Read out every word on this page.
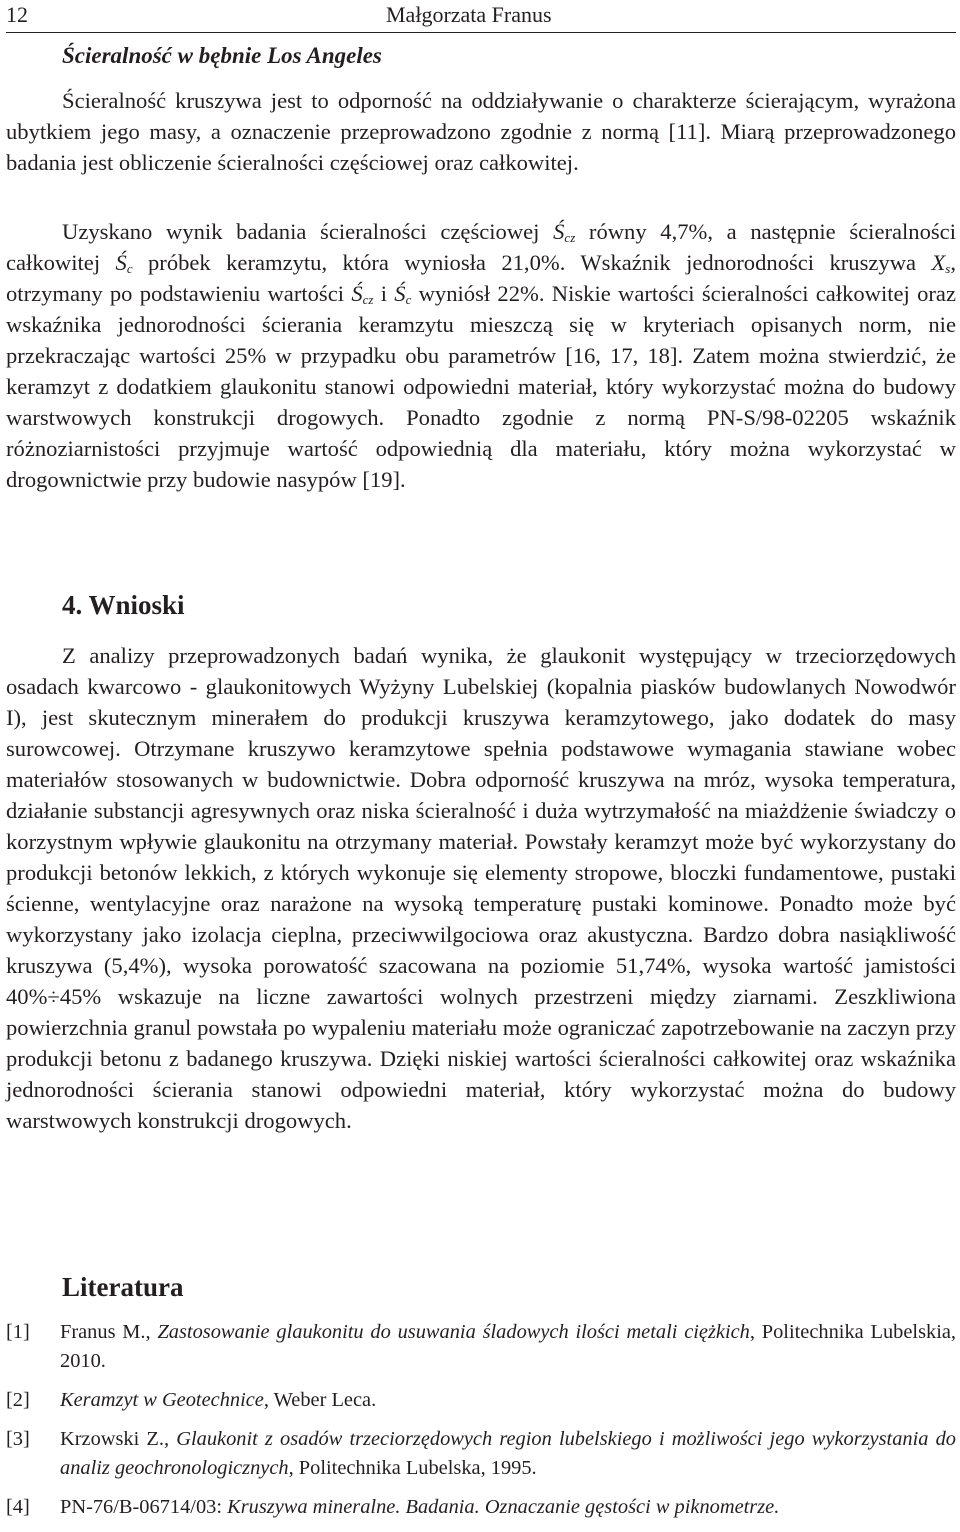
12	Małgorzata Franus
Ścieralność w bębnie Los Angeles

Ścieralność kruszywa jest to odporność na oddziaływanie o charakterze ścierającym, wyrażona ubytkiem jego masy, a oznaczenie przeprowadzono zgodnie z normą [11]. Miarą przeprowadzonego badania jest obliczenie ścieralności częściowej oraz całkowitej.

Uzyskano wynik badania ścieralności częściowej $Ś_{cz}$ równy 4,7%, a następnie ścieralności całkowitej $Ś_c$ próbek keramzytu, która wyniosła 21,0%. Wskaźnik jednorodności kruszywa $X_s$, otrzymany po podstawieniu wartości $Ś_{cz}$ i $Ś_c$ wyniósł 22%. Niskie wartości ścieralności całkowitej oraz wskaźnika jednorodności ścierania keramzytu mieszczą się w kryteriach opisanych norm, nie przekraczając wartości 25% w przypadku obu parametrów [16, 17, 18]. Zatem można stwierdzić, że keramzyt z dodatkiem glaukonitu stanowi odpowiedni materiał, który wykorzystać można do budowy warstwowych konstrukcji drogowych. Ponadto zgodnie z normą PN-S/98-02205 wskaźnik różnoziarnistości przyjmuje wartość odpowiednią dla materiału, który można wykorzystać w drogownictwie przy budowie nasypów [19].

4. Wnioski

Z analizy przeprowadzonych badań wynika, że glaukonit występujący w trzeciorzędowych osadach kwarcowo - glaukonitowych Wyżyny Lubelskiej (kopalnia piasków budowlanych Nowodwór I), jest skutecznym minerałem do produkcji kruszywa keramzytowego, jako dodatek do masy surowcowej. Otrzymane kruszywo keramzytowe spełnia podstawowe wymagania stawiane wobec materiałów stosowanych w budownictwie. Dobra odporność kruszywa na mróz, wysoka temperatura, działanie substancji agresywnych oraz niska ścieralność i duża wytrzymałość na miażdżenie świadczy o korzystnym wpływie glaukonitu na otrzymany materiał. Powstały keramzyt może być wykorzystany do produkcji betonów lekkich, z których wykonuje się elementy stropowe, bloczki fundamentowe, pustaki ścienne, wentylacyjne oraz narażone na wysoką temperaturę pustaki kominowe. Ponadto może być wykorzystany jako izolacja cieplna, przeciwwilgociowa oraz akustyczna. Bardzo dobra nasiąkliwość kruszywa (5,4%), wysoka porowatość szacowana na poziomie 51,74%, wysoka wartość jamistości 40%÷45% wskazuje na liczne zawartości wolnych przestrzeni między ziarnami. Zeszkliwiona powierzchnia granul powstała po wypaleniu materiału może ograniczać zapotrzebowanie na zaczyn przy produkcji betonu z badanego kruszywa. Dzięki niskiej wartości ścieralności całkowitej oraz wskaźnika jednorodności ścierania stanowi odpowiedni materiał, który wykorzystać można do budowy warstwowych konstrukcji drogowych.

Literatura
[1] Franus M., Zastosowanie glaukonitu do usuwania śladowych ilości metali ciężkich, Politechnika Lubelskia, 2010.
[2] Keramzyt w Geotechnice, Weber Leca.
[3] Krzowski Z., Glaukonit z osadów trzeciorzędowych region lubelskiego i możliwości jego wykorzystania do analiz geochronologicznych, Politechnika Lubelska, 1995.
[4] PN-76/B-06714/03: Kruszywa mineralne. Badania. Oznaczanie gęstości w piknometrze.
